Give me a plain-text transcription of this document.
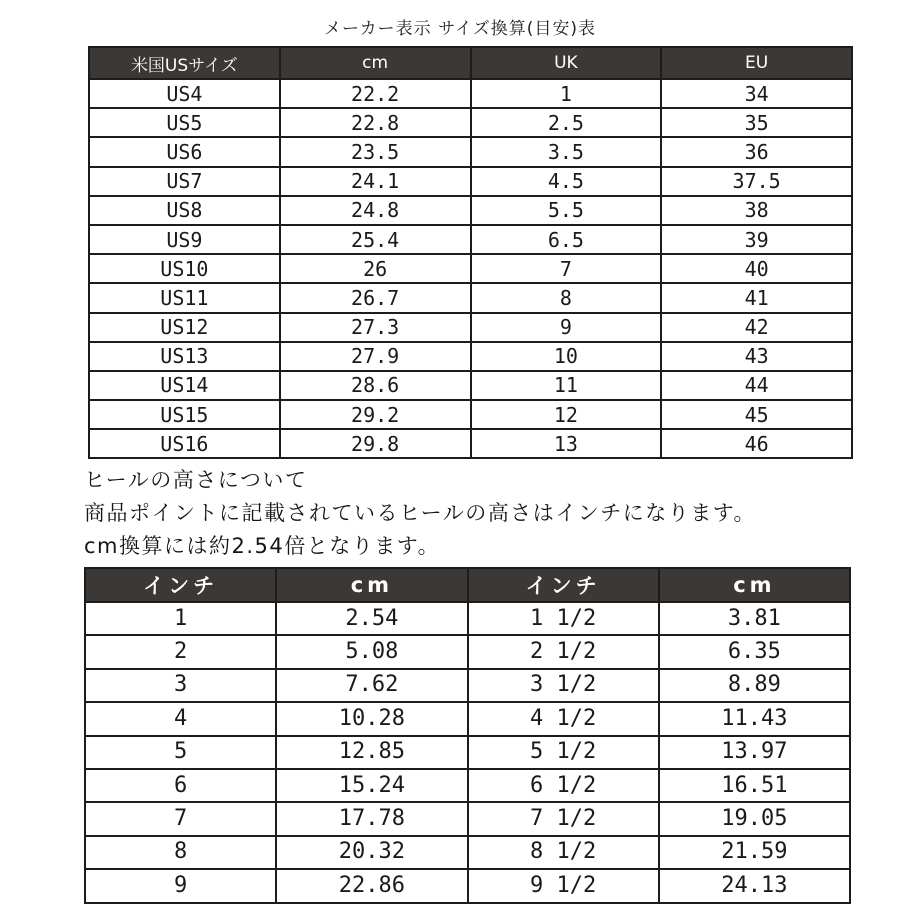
メーカー表示 サイズ換算(目安)表
米国USサイズ	cm	UK	EU
US4	22.2	1	34
US5	22.8	2.5	35
US6	23.5	3.5	36
US7	24.1	4.5	37.5
US8	24.8	5.5	38
US9	25.4	6.5	39
US10	26	7	40
US11	26.7	8	41
US12	27.3	9	42
US13	27.9	10	43
US14	28.6	11	44
US15	29.2	12	45
US16	29.8	13	46
ヒールの高さについて
商品ポイントに記載されているヒールの高さはインチになります。
cm換算には約2.54倍となります。
インチ	cm	インチ	cm
1	2.54	1 1/2	3.81
2	5.08	2 1/2	6.35
3	7.62	3 1/2	8.89
4	10.28	4 1/2	11.43
5	12.85	5 1/2	13.97
6	15.24	6 1/2	16.51
7	17.78	7 1/2	19.05
8	20.32	8 1/2	21.59
9	22.86	9 1/2	24.13
